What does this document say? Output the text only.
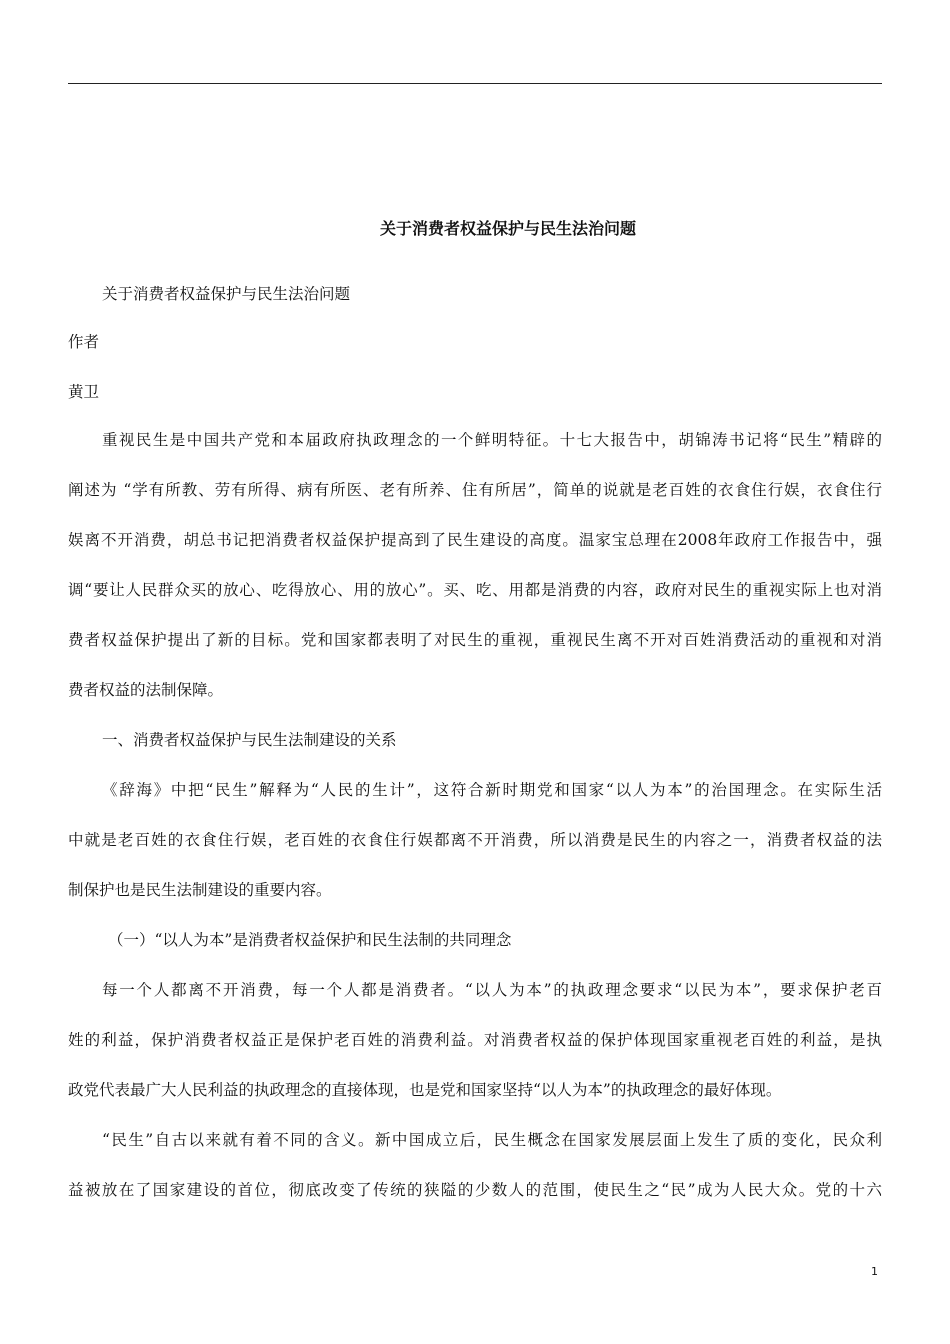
关于消费者权益保护与民生法治问题
关于消费者权益保护与民生法治问题
作者
黄卫
重视民生是中国共产党和本届政府执政理念的一个鲜明特征。十七大报告中，胡锦涛书记将“民生”精辟的
阐述为 “学有所教、劳有所得、病有所医、老有所养、住有所居”，简单的说就是老百姓的衣食住行娱，衣食住行
娱离不开消费，胡总书记把消费者权益保护提高到了民生建设的高度。温家宝总理在2008年政府工作报告中，强
调“要让人民群众买的放心、吃得放心、用的放心”。买、吃、用都是消费的内容，政府对民生的重视实际上也对消
费者权益保护提出了新的目标。党和国家都表明了对民生的重视，重视民生离不开对百姓消费活动的重视和对消
费者权益的法制保障。
一、消费者权益保护与民生法制建设的关系
《辞海》中把“民生”解释为“人民的生计”，这符合新时期党和国家“以人为本”的治国理念。在实际生活
中就是老百姓的衣食住行娱，老百姓的衣食住行娱都离不开消费，所以消费是民生的内容之一，消费者权益的法
制保护也是民生法制建设的重要内容。
（一）“以人为本”是消费者权益保护和民生法制的共同理念
每一个人都离不开消费，每一个人都是消费者。“以人为本”的执政理念要求“以民为本”，要求保护老百
姓的利益，保护消费者权益正是保护老百姓的消费利益。对消费者权益的保护体现国家重视老百姓的利益，是执
政党代表最广大人民利益的执政理念的直接体现，也是党和国家坚持“以人为本”的执政理念的最好体现。
“民生”自古以来就有着不同的含义。新中国成立后，民生概念在国家发展层面上发生了质的变化，民众利
益被放在了国家建设的首位，彻底改变了传统的狭隘的少数人的范围，使民生之“民”成为人民大众。党的十六
1
